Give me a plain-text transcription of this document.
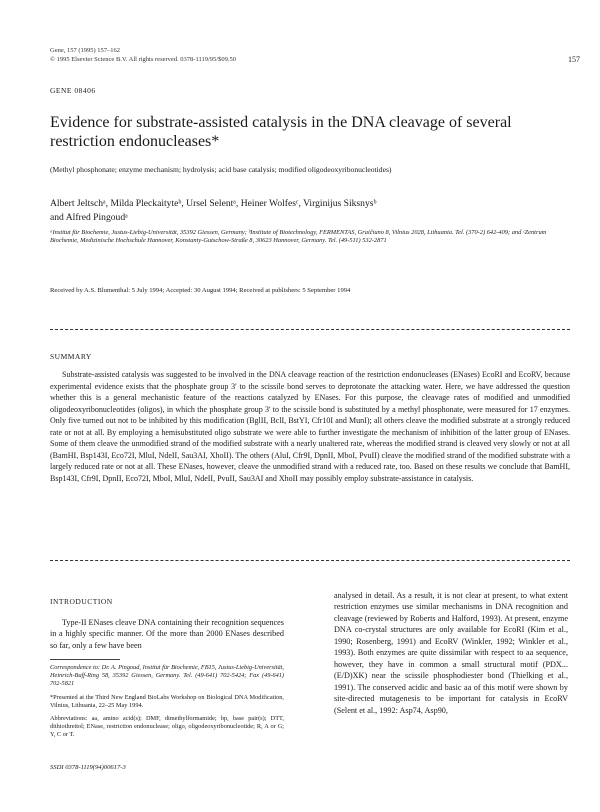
Gene, 157 (1995) 157–162
© 1995 Elsevier Science B.V. All rights reserved. 0378-1119/95/$09.50	157
GENE 08406
Evidence for substrate-assisted catalysis in the DNA cleavage of several restriction endonucleases*
(Methyl phosphonate; enzyme mechanism; hydrolysis; acid base catalysis; modified oligodeoxyribonucleotides)
Albert Jeltschᵃ, Milda Pleckaityteᵇ, Ursel Selentᵃ, Heiner Wolfesᶜ, Virginijus Siksnysᵇ
and Alfred Pingoudᵃ
ᵃInstitut für Biochemie, Justus-Liebig-Universität, 35392 Giessen, Germany; ᵇInstitute of Biotechnology, FERMENTAS, Graičiuno 8, Vilnius 2028, Lithuania. Tel. (370-2) 642-409; and ᶜZentrum Biochemie, Medizinische Hochschule Hannover, Konstanty-Gutschow-Straße 8, 30623 Hannover, Germany. Tel. (49-511) 532-2871
Received by A.S. Blumenthal: 5 July 1994; Accepted: 30 August 1994; Received at publishers: 5 September 1994
SUMMARY

Substrate-assisted catalysis was suggested to be involved in the DNA cleavage reaction of the restriction endonucleases (ENases) EcoRI and EcoRV, because experimental evidence exists that the phosphate group 3' to the scissile bond serves to deprotonate the attacking water. Here, we have addressed the question whether this is a general mechanistic feature of the reactions catalyzed by ENases. For this purpose, the cleavage rates of modified and unmodified oligodeoxyribonucleotides (oligos), in which the phosphate group 3' to the scissile bond is substituted by a methyl phosphonate, were measured for 17 enzymes. Only five turned out not to be inhibited by this modification (BglII, BclI, BstYI, Cfr10I and MunI); all others cleave the modified substrate at a strongly reduced rate or not at all. By employing a hemisubstituted oligo substrate we were able to further investigate the mechanism of inhibition of the latter group of ENases. Some of them cleave the unmodified strand of the modified substrate with a nearly unaltered rate, whereas the modified strand is cleaved very slowly or not at all (BamHI, Bsp143I, Eco72I, MluI, NdeII, Sau3AI, XhoII). The others (AluI, Cfr9I, DpnII, MboI, PvuII) cleave the modified strand of the modified substrate with a largely reduced rate or not at all. These ENases, however, cleave the unmodified strand with a reduced rate, too. Based on these results we conclude that BamHI, Bsp143I, Cfr9I, DpnII, Eco72I, MboI, MluI, NdeII, PvuII, Sau3AI and XhoII may possibly employ substrate-assistance in catalysis.

INTRODUCTION

Type-II ENases cleave DNA containing their recognition sequences in a highly specific manner. Of the more than 2000 ENases described so far, only a few have been

Correspondence to: Dr. A. Pingoud, Institut für Biochemie, FB15, Justus-Liebig-Universität, Heinrich-Buff-Ring 58, 35392 Giessen, Germany. Tel. (49-641) 702-5424; Fax (49-641) 702-5821

*Presented at the Third New England BioLabs Workshop on Biological DNA Modification, Vilnius, Lithuania, 22–25 May 1994.
Abbreviations: aa, amino acid(s); DMF, dimethylformamide; bp, base pair(s); DTT, dithiothreitol; ENase, restriction endonuclease; oligo, oligodeoxyribonucleotide; R, A or G; Y, C or T.
SSDI 0378-1119(94)00617-3

analysed in detail. As a result, it is not clear at present, to what extent restriction enzymes use similar mechanisms in DNA recognition and cleavage (reviewed by Roberts and Halford, 1993). At present, enzyme DNA co-crystal structures are only available for EcoRI (Kim et al., 1990; Rosenberg, 1991) and EcoRV (Winkler, 1992; Winkler et al., 1993). Both enzymes are quite dissimilar with respect to aa sequence, however, they have in common a small structural motif (PDX...(E/D)XK) near the scissile phosphodiester bond (Thielking et al., 1991). The conserved acidic and basic aa of this motif were shown by site-directed mutagenesis to be important for catalysis in EcoRV (Selent et al., 1992: Asp74, Asp90,
